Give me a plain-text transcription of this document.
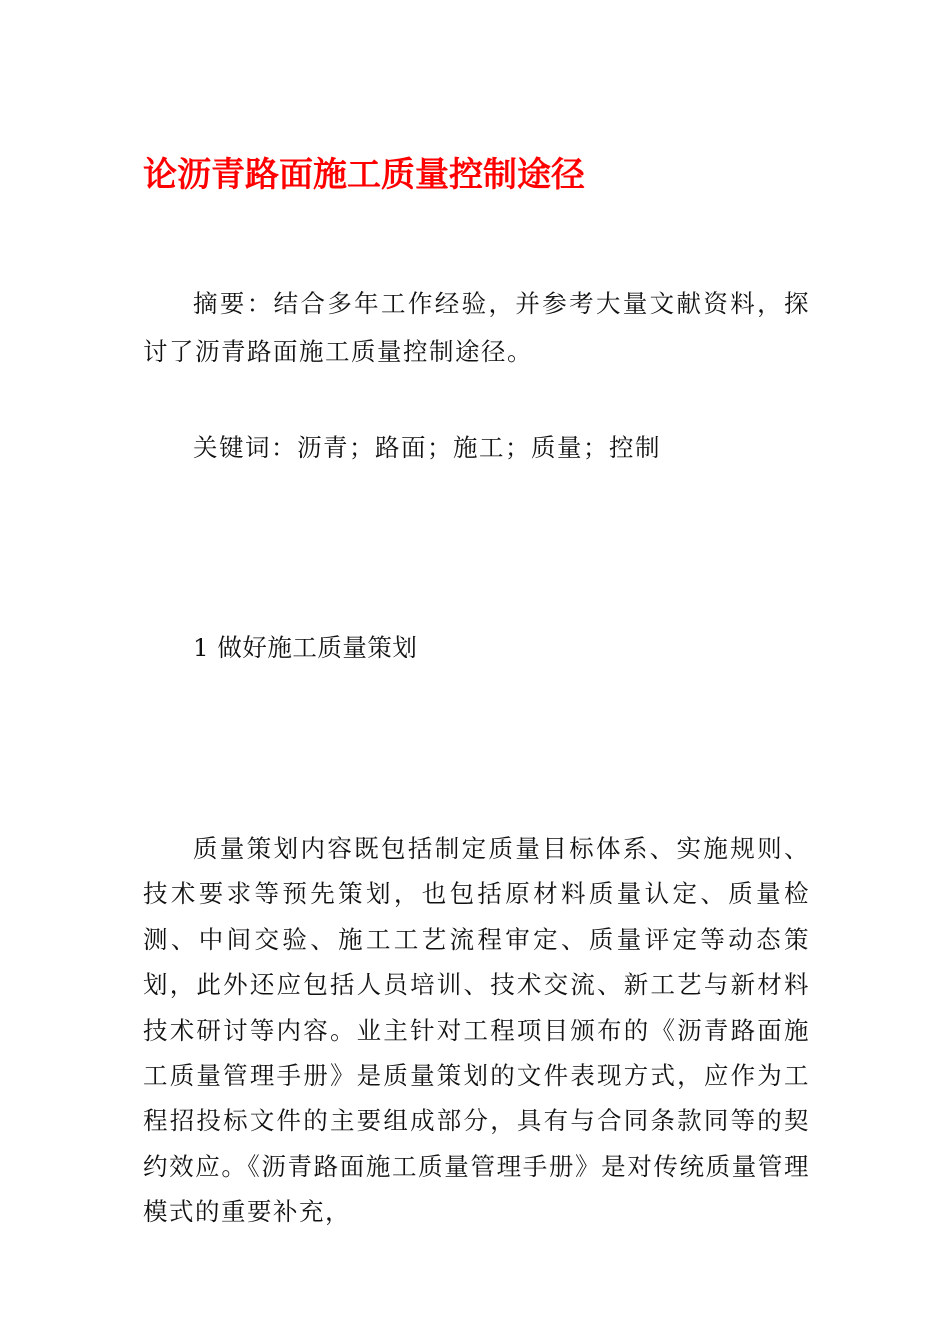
论沥青路面施工质量控制途径

摘要：结合多年工作经验，并参考大量文献资料，探讨了沥青路面施工质量控制途径。

关键词：沥青；路面；施工；质量；控制

1 做好施工质量策划

质量策划内容既包括制定质量目标体系、实施规则、技术要求等预先策划，也包括原材料质量认定、质量检测、中间交验、施工工艺流程审定、质量评定等动态策划，此外还应包括人员培训、技术交流、新工艺与新材料技术研讨等内容。业主针对工程项目颁布的《沥青路面施工质量管理手册》是质量策划的文件表现方式，应作为工程招投标文件的主要组成部分，具有与合同条款同等的契约效应。《沥青路面施工质量管理手册》是对传统质量管理模式的重要补充，
